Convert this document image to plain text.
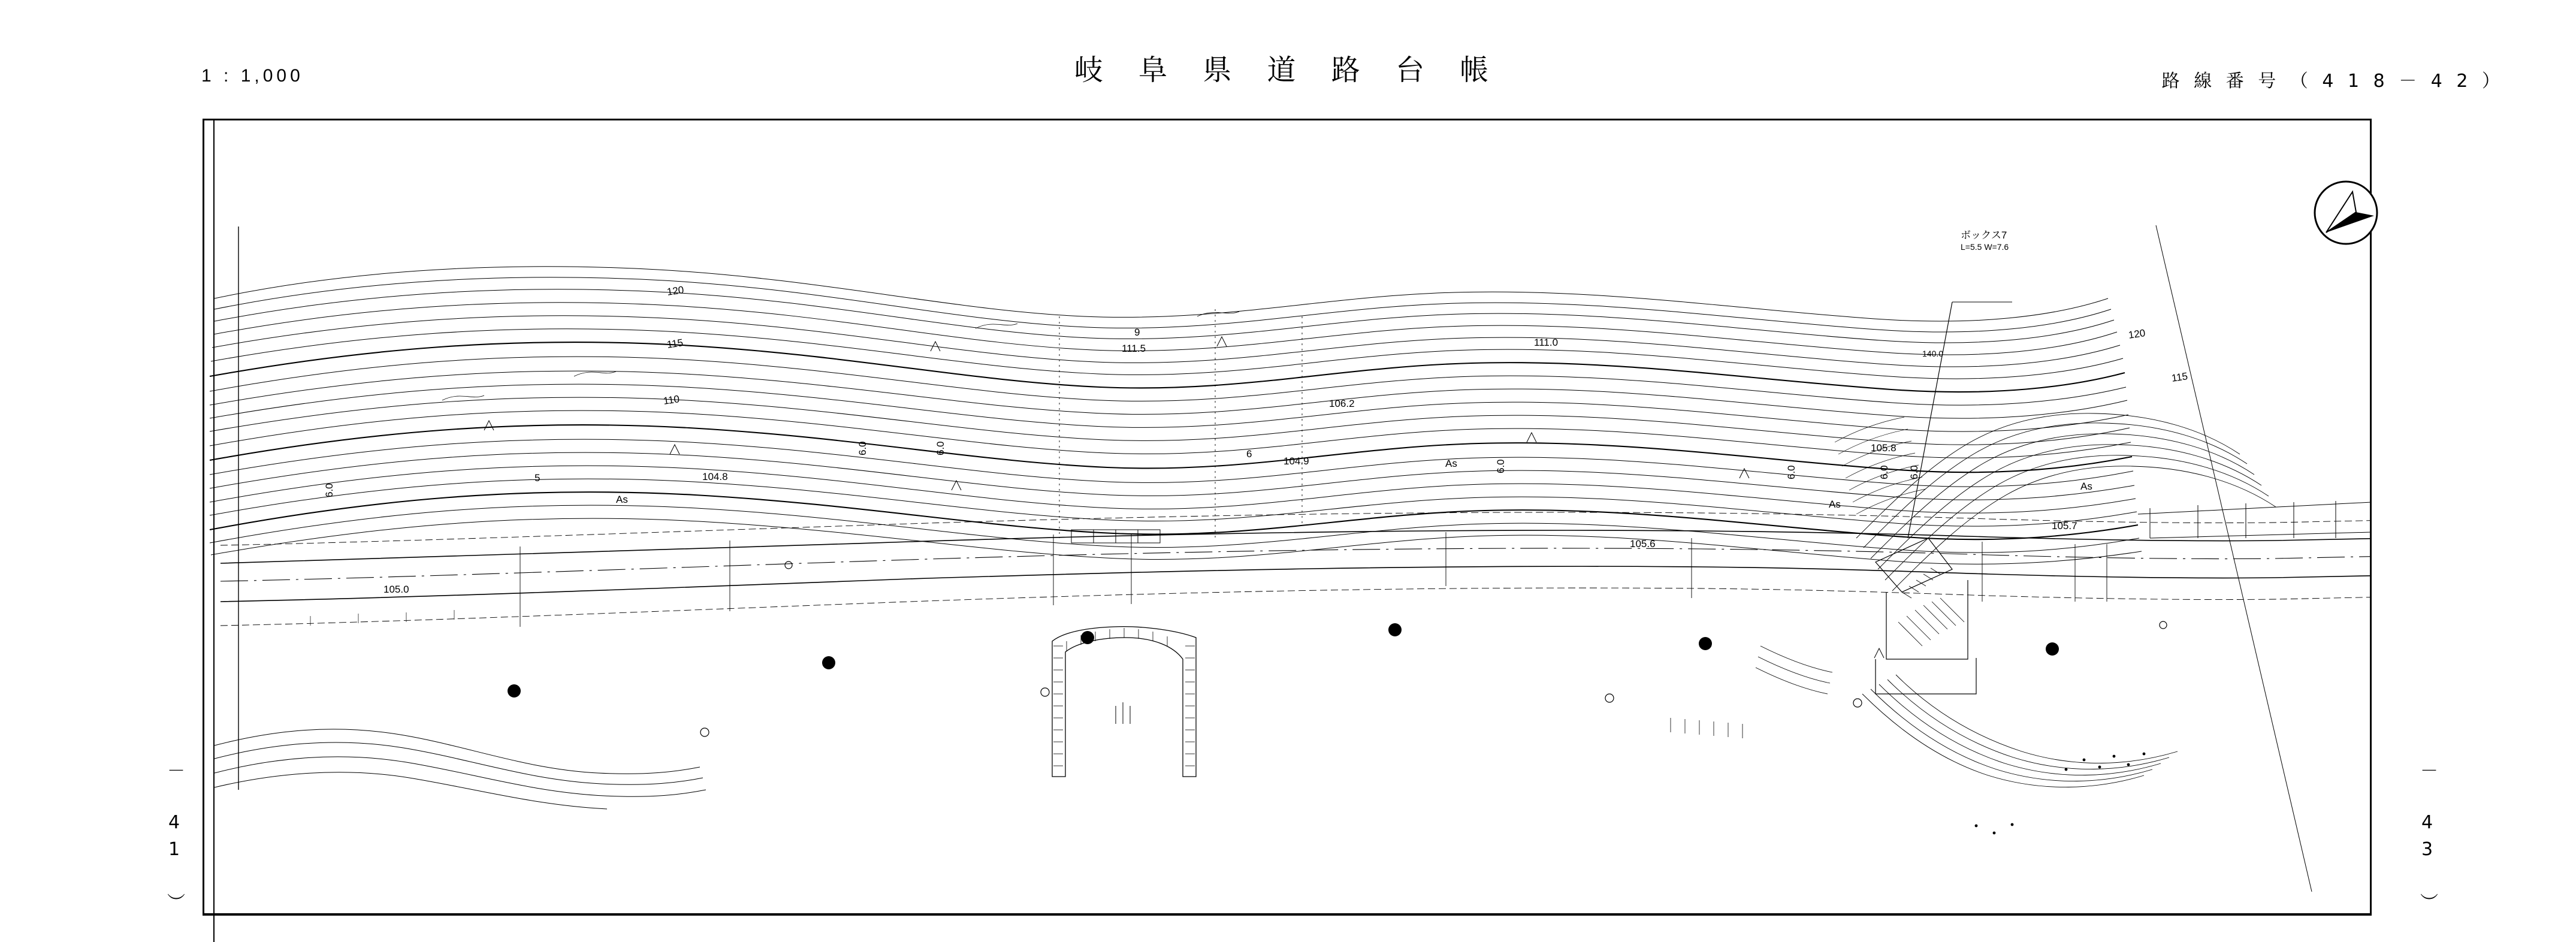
1 : 1,000	岐 阜 県 道 路 台 帳	路 線 番 号 （ 4 1 8 － 4 2 ）
－ 41 ）	－ 43 ）
ボックス7
L=5.5 W=7.6
120
115
110
120
115
111.0
111.5
106.2
104.8
104.9
105.8
105.6
105.0
105.7
140.0
9
As
As
As
As
6.0
6.0	6.0
6.0	6.0	6.0 6.0
5
6
